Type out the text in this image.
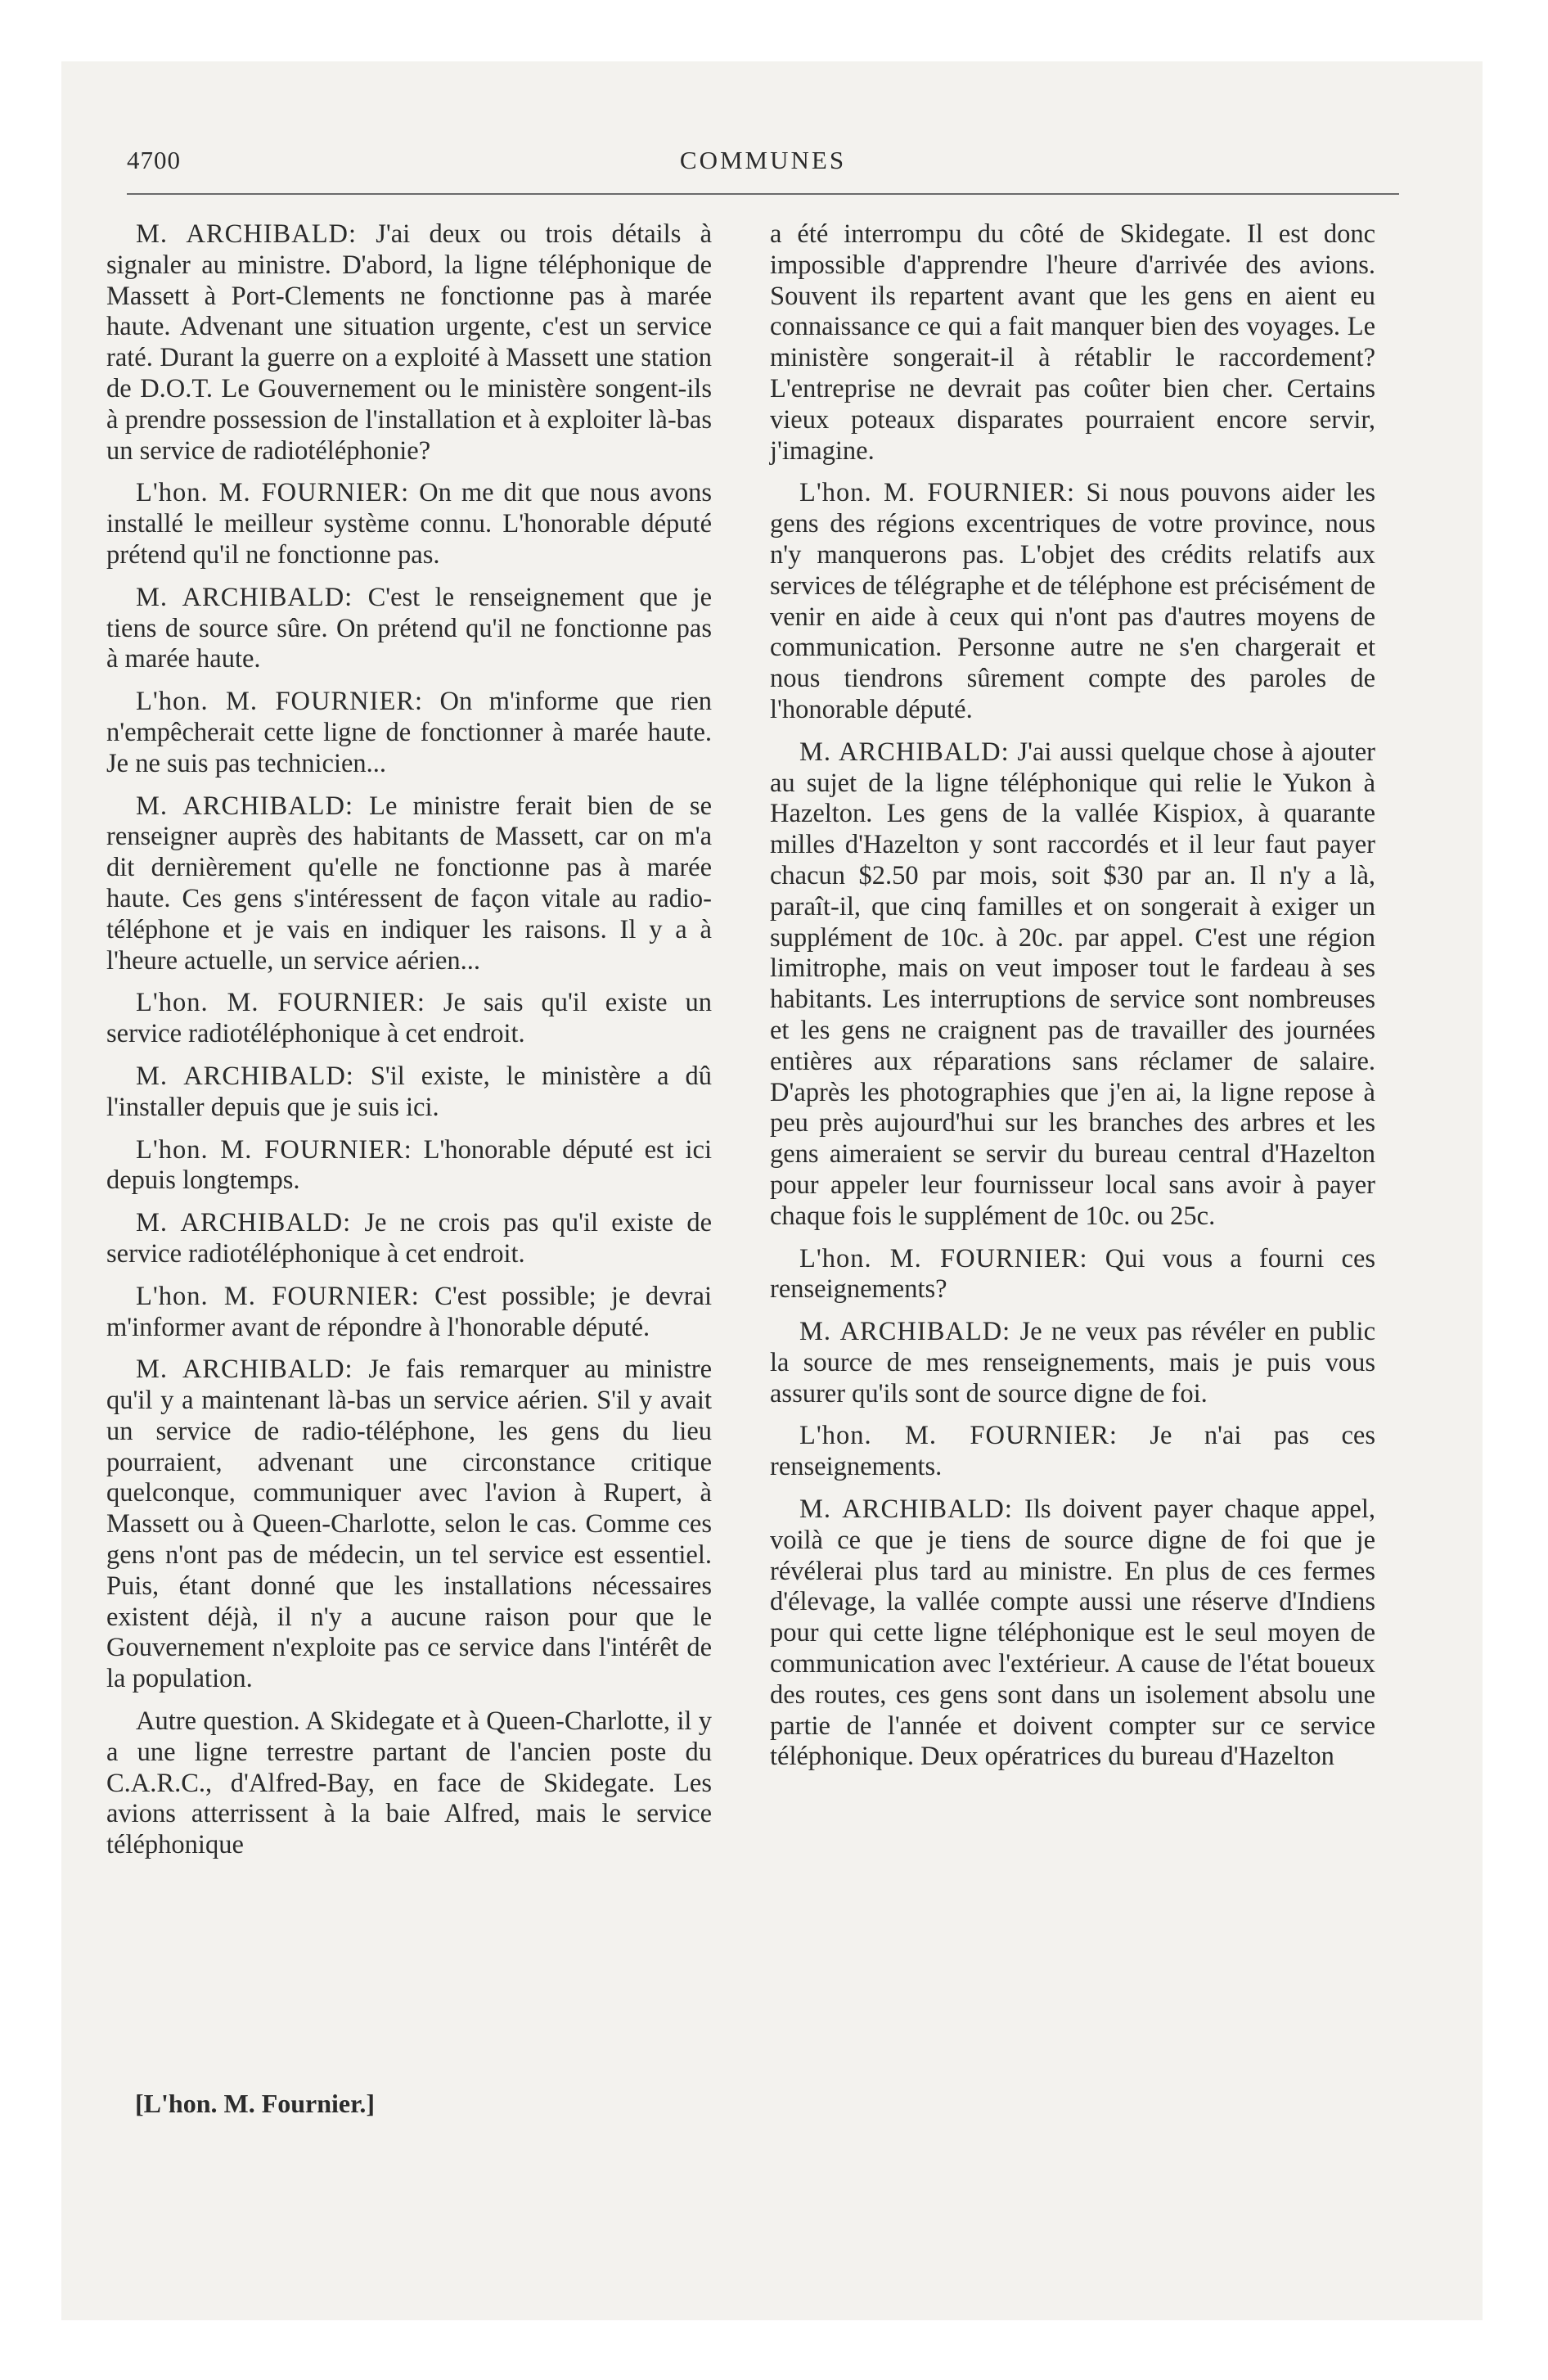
4700	COMMUNES

M. ARCHIBALD: J'ai deux ou trois détails à signaler au ministre. D'abord, la ligne téléphonique de Massett à Port-Clements ne fonctionne pas à marée haute. Advenant une situation urgente, c'est un service raté. Durant la guerre on a exploité à Massett une station de D.O.T. Le Gouvernement ou le ministère songent-ils à prendre possession de l'installation et à exploiter là-bas un service de radiotéléphonie?

L'hon. M. FOURNIER: On me dit que nous avons installé le meilleur système connu. L'honorable député prétend qu'il ne fonctionne pas.

M. ARCHIBALD: C'est le renseignement que je tiens de source sûre. On prétend qu'il ne fonctionne pas à marée haute.

L'hon. M. FOURNIER: On m'informe que rien n'empêcherait cette ligne de fonctionner à marée haute. Je ne suis pas technicien...

M. ARCHIBALD: Le ministre ferait bien de se renseigner auprès des habitants de Massett, car on m'a dit dernièrement qu'elle ne fonctionne pas à marée haute. Ces gens s'intéressent de façon vitale au radio-téléphone et je vais en indiquer les raisons. Il y a à l'heure actuelle, un service aérien...

L'hon. M. FOURNIER: Je sais qu'il existe un service radiotéléphonique à cet endroit.

M. ARCHIBALD: S'il existe, le ministère a dû l'installer depuis que je suis ici.

L'hon. M. FOURNIER: L'honorable député est ici depuis longtemps.

M. ARCHIBALD: Je ne crois pas qu'il existe de service radiotéléphonique à cet endroit.

L'hon. M. FOURNIER: C'est possible; je devrai m'informer avant de répondre à l'honorable député.

M. ARCHIBALD: Je fais remarquer au ministre qu'il y a maintenant là-bas un service aérien. S'il y avait un service de radio-téléphone, les gens du lieu pourraient, advenant une circonstance critique quelconque, communiquer avec l'avion à Rupert, à Massett ou à Queen-Charlotte, selon le cas. Comme ces gens n'ont pas de médecin, un tel service est essentiel. Puis, étant donné que les installations nécessaires existent déjà, il n'y a aucune raison pour que le Gouvernement n'exploite pas ce service dans l'intérêt de la population.

Autre question. A Skidegate et à Queen-Charlotte, il y a une ligne terrestre partant de l'ancien poste du C.A.R.C., d'Alfred-Bay, en face de Skidegate. Les avions atterrissent à la baie Alfred, mais le service téléphonique

a été interrompu du côté de Skidegate. Il est donc impossible d'apprendre l'heure d'arrivée des avions. Souvent ils repartent avant que les gens en aient eu connaissance ce qui a fait manquer bien des voyages. Le ministère songerait-il à rétablir le raccordement? L'entreprise ne devrait pas coûter bien cher. Certains vieux poteaux disparates pourraient encore servir, j'imagine.

L'hon. M. FOURNIER: Si nous pouvons aider les gens des régions excentriques de votre province, nous n'y manquerons pas. L'objet des crédits relatifs aux services de télégraphe et de téléphone est précisément de venir en aide à ceux qui n'ont pas d'autres moyens de communication. Personne autre ne s'en chargerait et nous tiendrons sûrement compte des paroles de l'honorable député.

M. ARCHIBALD: J'ai aussi quelque chose à ajouter au sujet de la ligne téléphonique qui relie le Yukon à Hazelton. Les gens de la vallée Kispiox, à quarante milles d'Hazelton y sont raccordés et il leur faut payer chacun $2.50 par mois, soit $30 par an. Il n'y a là, paraît-il, que cinq familles et on songerait à exiger un supplément de 10c. à 20c. par appel. C'est une région limitrophe, mais on veut imposer tout le fardeau à ses habitants. Les interruptions de service sont nombreuses et les gens ne craignent pas de travailler des journées entières aux réparations sans réclamer de salaire. D'après les photographies que j'en ai, la ligne repose à peu près aujourd'hui sur les branches des arbres et les gens aimeraient se servir du bureau central d'Hazelton pour appeler leur fournisseur local sans avoir à payer chaque fois le supplément de 10c. ou 25c.

L'hon. M. FOURNIER: Qui vous a fourni ces renseignements?

M. ARCHIBALD: Je ne veux pas révéler en public la source de mes renseignements, mais je puis vous assurer qu'ils sont de source digne de foi.

L'hon. M. FOURNIER: Je n'ai pas ces renseignements.

M. ARCHIBALD: Ils doivent payer chaque appel, voilà ce que je tiens de source digne de foi que je révélerai plus tard au ministre. En plus de ces fermes d'élevage, la vallée compte aussi une réserve d'Indiens pour qui cette ligne téléphonique est le seul moyen de communication avec l'extérieur. A cause de l'état boueux des routes, ces gens sont dans un isolement absolu une partie de l'année et doivent compter sur ce service téléphonique. Deux opératrices du bureau d'Hazelton

[L'hon. M. Fournier.]
